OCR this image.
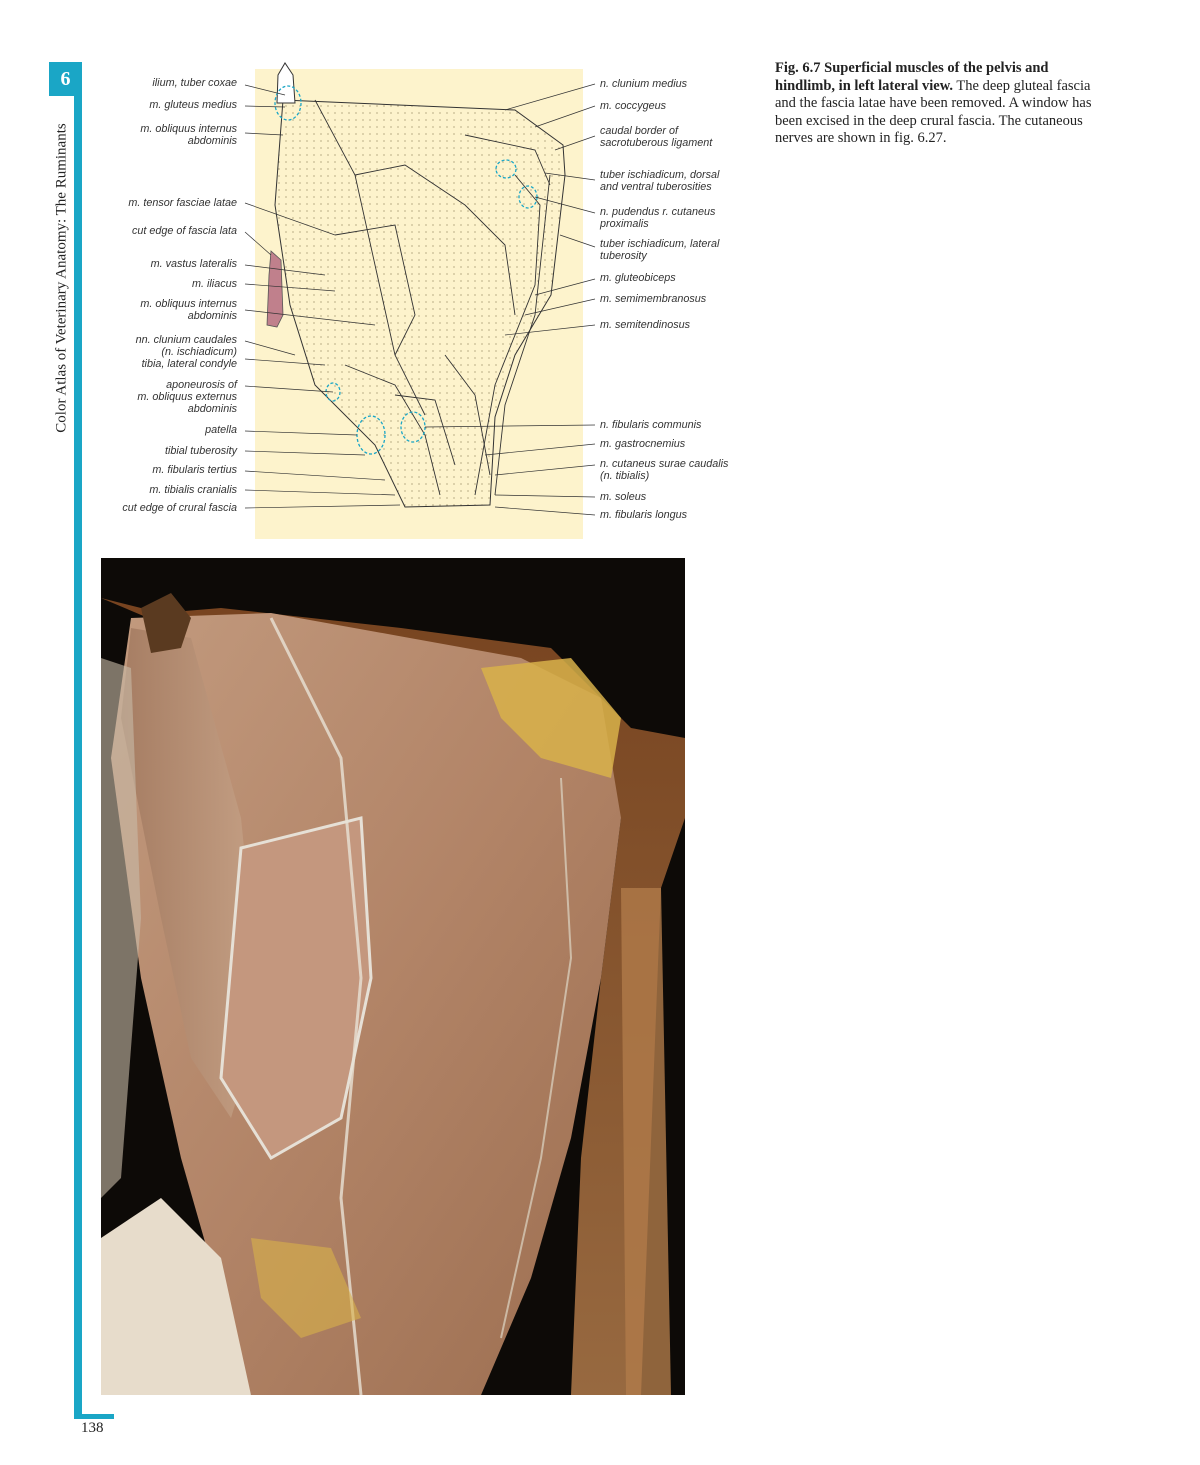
6
Color Atlas of Veterinary Anatomy: The Ruminants
138
Fig. 6.7 Superficial muscles of the pelvis and hindlimb, in left lateral view. The deep gluteal fascia and the fascia latae have been removed. A window has been excised in the deep crural fascia. The cutaneous nerves are shown in fig. 6.27.
ilium, tuber coxae
m. gluteus medius
m. obliquus internus
abdominis
m. tensor fasciae latae
cut edge of fascia lata
m. vastus lateralis
m. iliacus
m. obliquus internus
abdominis
nn. clunium caudales
(n. ischiadicum)
tibia, lateral condyle
aponeurosis of
m. obliquus externus
abdominis
patella
tibial tuberosity
m. fibularis tertius
m. tibialis cranialis
cut edge of crural fascia
n. clunium medius
m. coccygeus
caudal border of
sacrotuberous ligament
tuber ischiadicum, dorsal
and ventral tuberosities
n. pudendus r. cutaneus
proximalis
tuber ischiadicum, lateral
tuberosity
m. gluteobiceps
m. semimembranosus
m. semitendinosus
n. fibularis communis
m. gastrocnemius
n. cutaneus surae caudalis
(n. tibialis)
m. soleus
m. fibularis longus
